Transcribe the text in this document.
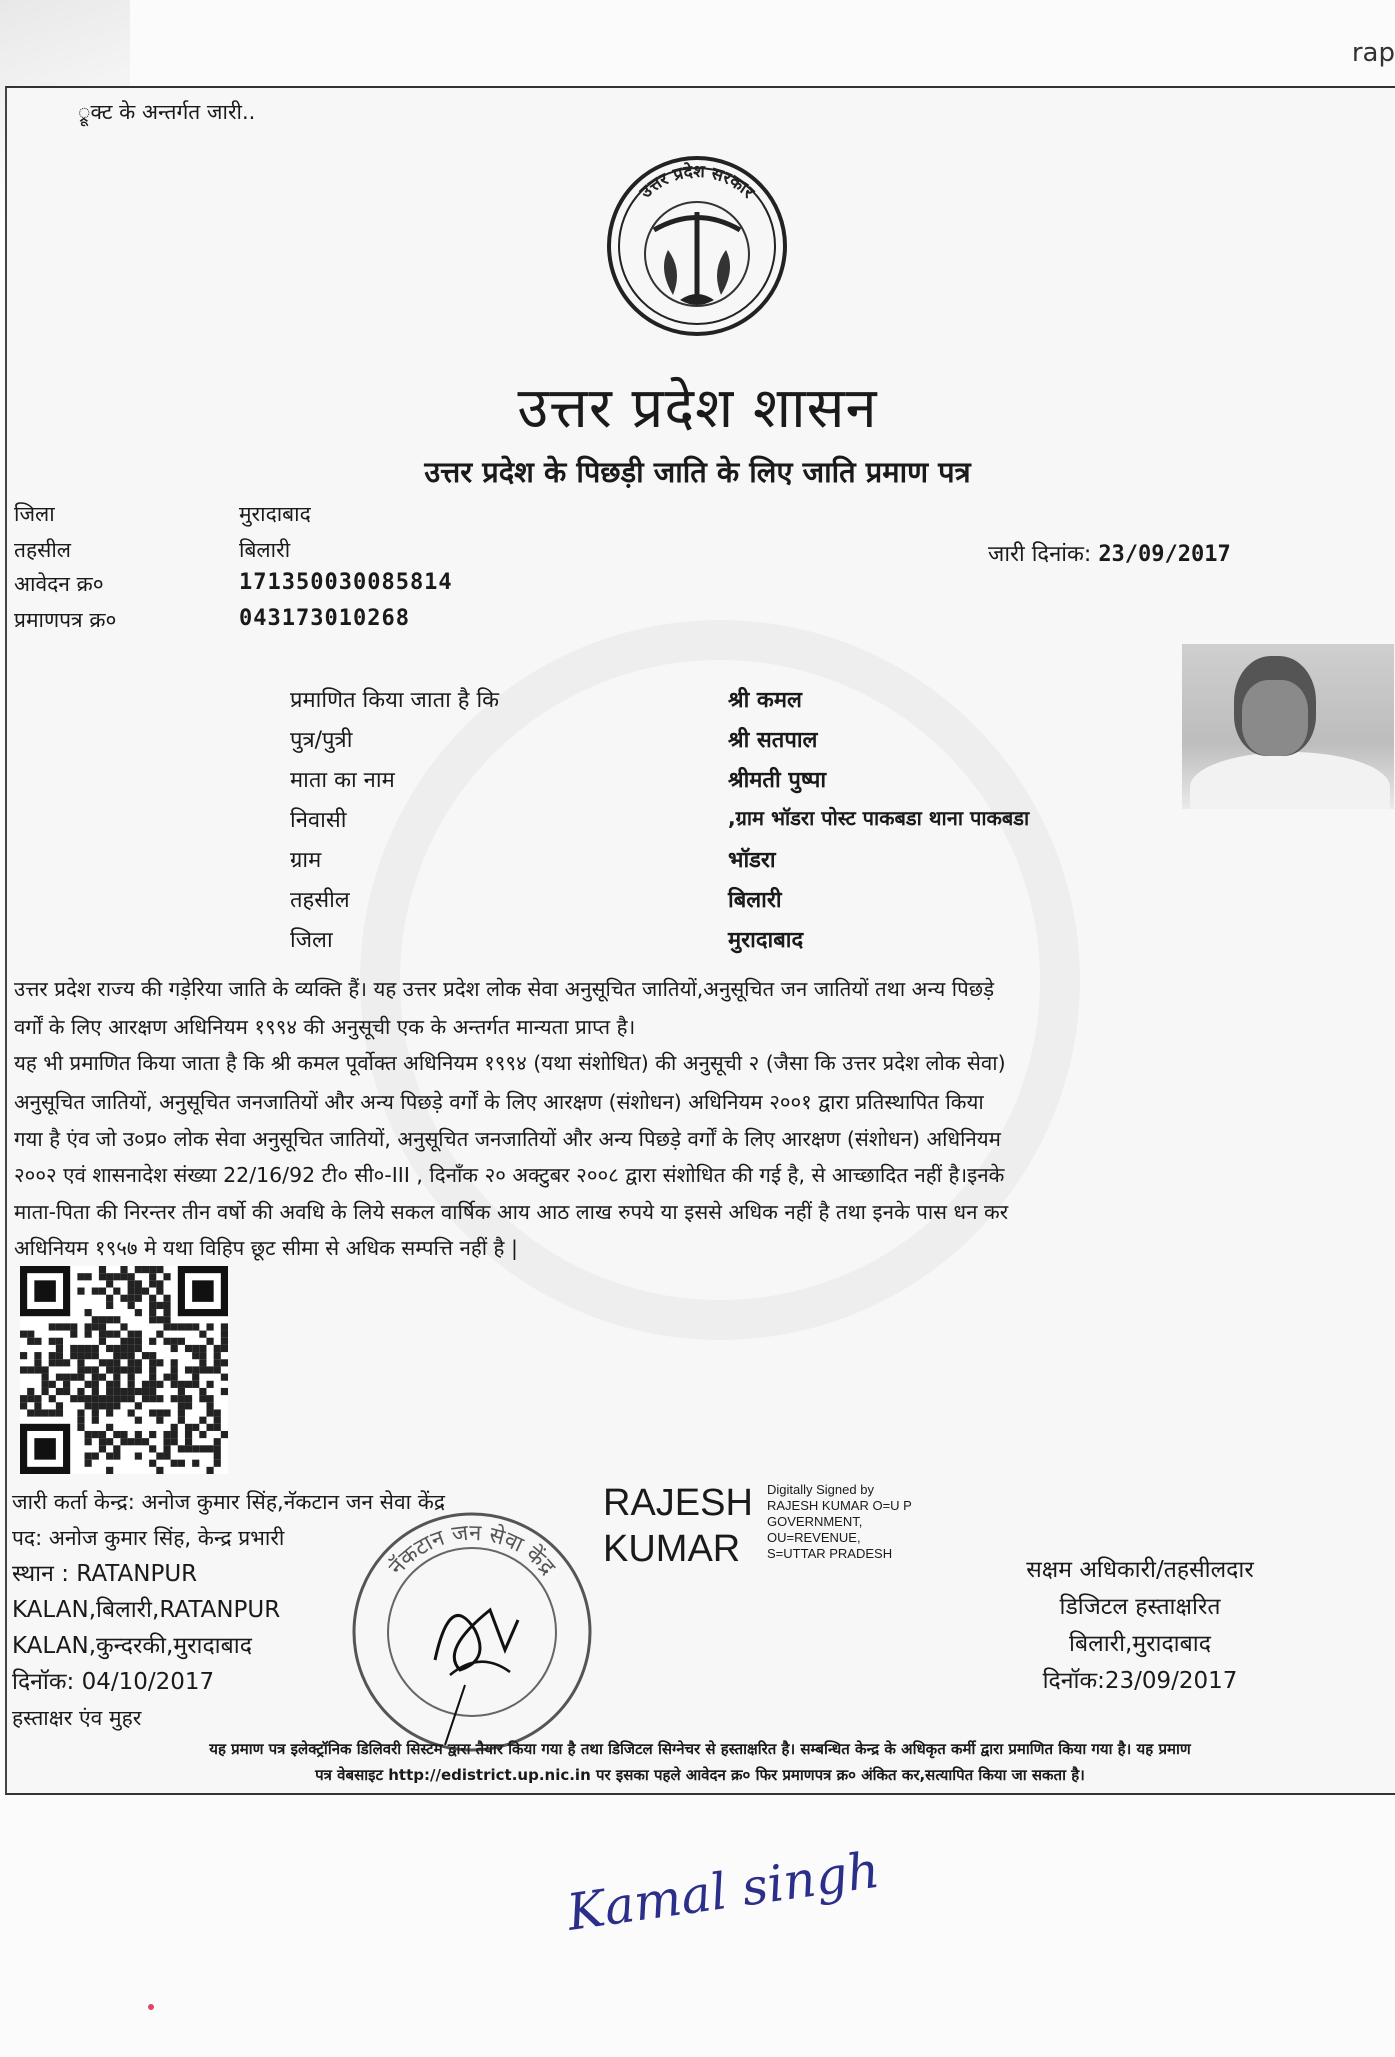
rap
्रूक्ट के अन्तर्गत जारी..
उत्तर प्रदेश सरकार
उत्तर प्रदेश शासन
उत्तर प्रदेश के पिछड़ी जाति के लिए जाति प्रमाण पत्र
जिला	मुरादाबाद
तहसील	बिलारी
आवेदन क्र०	171350030085814
प्रमाणपत्र क्र०	043173010268
जारी दिनांक: 23/09/2017
प्रमाणित किया जाता है कि	श्री कमल
पुत्र/पुत्री	श्री सतपाल
माता का नाम	श्रीमती पुष्पा
निवासी	,ग्राम भॉडरा पोस्ट पाकबडा थाना पाकबडा
ग्राम	भॉडरा
तहसील	बिलारी
जिला	मुरादाबाद
उत्तर प्रदेश राज्य की गड़ेरिया जाति के व्यक्ति हैं। यह उत्तर प्रदेश लोक सेवा अनुसूचित जातियों,अनुसूचित जन जातियों तथा अन्य पिछड़े
वर्गों के लिए आरक्षण अधिनियम १९९४ की अनुसूची एक के अन्तर्गत मान्यता प्राप्त है।
यह भी प्रमाणित किया जाता है कि श्री कमल पूर्वोक्त अधिनियम १९९४ (यथा संशोधित) की अनुसूची २ (जैसा कि उत्तर प्रदेश लोक सेवा)
अनुसूचित जातियों, अनुसूचित जनजातियों और अन्य पिछड़े वर्गों के लिए आरक्षण (संशोधन) अधिनियम २००१ द्वारा प्रतिस्थापित किया
गया है एंव जो उ०प्र० लोक सेवा अनुसूचित जातियों, अनुसूचित जनजातियों और अन्य पिछड़े वर्गों के लिए आरक्षण (संशोधन) अधिनियम
२००२ एवं शासनादेश संख्या 22/16/92 टी० सी०-III , दिनाँक २० अक्टुबर २००८ द्वारा संशोधित की गई है, से आच्छादित नहीं है।इनके
माता-पिता की निरन्तर तीन वर्षो की अवधि के लिये सकल वार्षिक आय आठ लाख रुपये या इससे अधिक नहीं है तथा इनके पास धन कर
अधिनियम १९५७ मे यथा विहिप छूट सीमा से अधिक सम्पत्ति नहीं है |
जारी कर्ता केन्द्र: अनोज कुमार सिंह,नॅकटान जन सेवा केंद्र
पद: अनोज कुमार सिंह, केन्द्र प्रभारी
स्थान : RATANPUR
KALAN,बिलारी,RATANPUR
KALAN,कुन्दरकी,मुरादाबाद
दिनॉक: 04/10/2017
हस्ताक्षर एंव मुहर
नॅकटान जन सेवा केंद्र
RAJESH
KUMAR
Digitally Signed by
RAJESH KUMAR O=U P
GOVERNMENT,
OU=REVENUE,
S=UTTAR PRADESH
सक्षम अधिकारी/तहसीलदार
डिजिटल हस्ताक्षरित
बिलारी,मुरादाबाद
दिनॉक:23/09/2017
यह प्रमाण पत्र इलेक्ट्रॉनिक डिलिवरी सिस्टम द्वारा तैयार किया गया है तथा डिजिटल सिग्नेचर से हस्ताक्षरित है। सम्बन्धित केन्द्र के अधिकृत कर्मी द्वारा प्रमाणित किया गया है। यह प्रमाण
पत्र वेबसाइट http://edistrict.up.nic.in पर इसका पहले आवेदन क्र० फिर प्रमाणपत्र क्र० अंकित कर,सत्यापित किया जा सकता है।
Kamal singh
